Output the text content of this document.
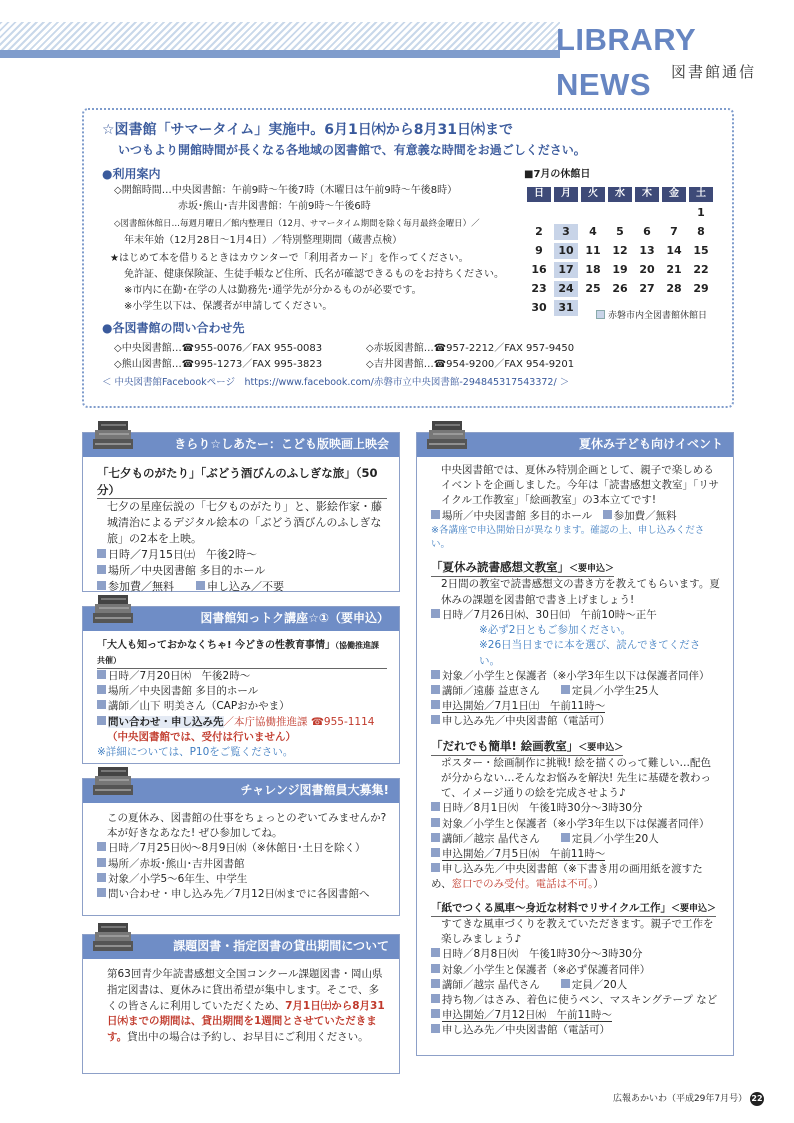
LIBRARY NEWS	図書館通信
☆図書館「サマータイム」実施中。6月1日㈭から8月31日㈭まで
いつもより開館時間が長くなる各地域の図書館で、有意義な時間をお過ごしください。
●利用案内
◇開館時間…中央図書館：午前9時〜午後7時（木曜日は午前9時〜午後8時）
赤坂･熊山･吉井図書館：午前9時〜午後6時
◇図書館休館日…毎週月曜日／館内整理日（12月、サマータイム期間を除く毎月最終金曜日）／
年末年始（12月28日〜1月4日）／特別整理期間（蔵書点検）
★はじめて本を借りるときはカウンターで「利用者カード」を作ってください。
免許証、健康保険証、生徒手帳など住所、氏名が確認できるものをお持ちください。
※市内に在勤･在学の人は勤務先･通学先が分かるものが必要です。
※小学生以下は、保護者が申請してください。
●各図書館の問い合わせ先
◇中央図書館…☎955-0076／FAX 955-0083	◇赤坂図書館…☎957-2212／FAX 957-9450
◇熊山図書館…☎995-1273／FAX 995-3823	◇吉井図書館…☎954-9200／FAX 954-9201
＜ 中央図書館Facebookページ　https://www.facebook.com/赤磐市立中央図書館-294845317543372/ ＞
■7月の休館日
日	月	火	水	木	金	土
						1
2	3	4	5	6	7	8
9	10	11	12	13	14	15
16	17	18	19	20	21	22
23	24	25	26	27	28	29
30	31					
赤磐市内全図書館休館日
きらり☆しあたー：こども版映画上映会

「七夕ものがたり」「ぶどう酒びんのふしぎな旅」（50分）

七夕の星座伝説の「七夕ものがたり」と、影絵作家・藤城清治によるデジタル絵本の「ぶどう酒びんのふしぎな旅」の2本を上映。

日時／7月15日㈯　午後2時〜

場所／中央図書館 多目的ホール

参加費／無料　　	申し込み／不要

図書館知っトク講座☆①（要申込）

「大人も知っておかなくちゃ! 今どきの性教育事情」（協働推進課共催）

日時／7月20日㈭　午後2時〜

場所／中央図書館 多目的ホール

講師／山下 明美さん（CAPおかやま）

問い合わせ・申し込み先／本庁協働推進課 ☎955-1114

（中央図書館では、受付は行いません）

※詳細については、P10をご覧ください。

チャレンジ図書館員大募集!

この夏休み、図書館の仕事をちょっとのぞいてみませんか? 本が好きなあなた! ぜひ参加してね。

日時／7月25日㈫〜8月9日㈬（※休館日･土日を除く）

場所／赤坂･熊山･吉井図書館

対象／小学5〜6年生、中学生

問い合わせ・申し込み先／7月12日㈬までに各図書館へ

課題図書・指定図書の貸出期間について

第63回青少年読書感想文全国コンクール課題図書・岡山県指定図書は、夏休みに貸出希望が集中します。そこで、多くの皆さんに利用していただくため、7月1日㈯から8月31日㈭までの期間は、貸出期間を1週間とさせていただきます。貸出中の場合は予約し、お早目にご利用ください。

夏休み子ども向けイベント

中央図書館では、夏休み特別企画として、親子で楽しめるイベントを企画しました。今年は「読書感想文教室」「リサイクル工作教室」「絵画教室」の3本立てです!

場所／中央図書館 多目的ホール　 参加費／無料

※各講座で申込開始日が異なります。確認の上、申し込みください。

「夏休み読書感想文教室」＜要申込＞

2日間の教室で読書感想文の書き方を教えてもらいます。夏休みの課題を図書館で書き上げましょう!

日時／7月26日㈬、30日㈰　午前10時〜正午

※必ず2日ともご参加ください。

※26日当日までに本を選び、読んできてください。

対象／小学生と保護者（※小学3年生以下は保護者同伴）

講師／遠藤 益恵さん　　	定員／小学生25人

申込開始／7月1日㈯　午前11時〜

申し込み先／中央図書館（電話可）

「だれでも簡単! 絵画教室」＜要申込＞

ポスター・絵画制作に挑戦! 絵を描くのって難しい…配色が分からない…そんなお悩みを解決! 先生に基礎を教わって、イメージ通りの絵を完成させよう♪

日時／8月1日㈫　午後1時30分〜3時30分

対象／小学生と保護者（※小学3年生以下は保護者同伴）

講師／越宗 晶代さん　　	定員／小学生20人

申込開始／7月5日㈬　午前11時〜

申し込み先／中央図書館（※下書き用の画用紙を渡すため、窓口でのみ受付。電話は不可。）

「紙でつくる風車〜身近な材料でリサイクル工作」＜要申込＞

すてきな風車づくりを教えていただきます。親子で工作を楽しみましょう♪

日時／8月8日㈫　午後1時30分〜3時30分

対象／小学生と保護者（※必ず保護者同伴）

講師／越宗 晶代さん　　	定員／20人

持ち物／はさみ、着色に使うペン、マスキングテープ など

申込開始／7月12日㈬　午前11時〜

申し込み先／中央図書館（電話可）

広報あかいわ（平成29年7月号） 22
